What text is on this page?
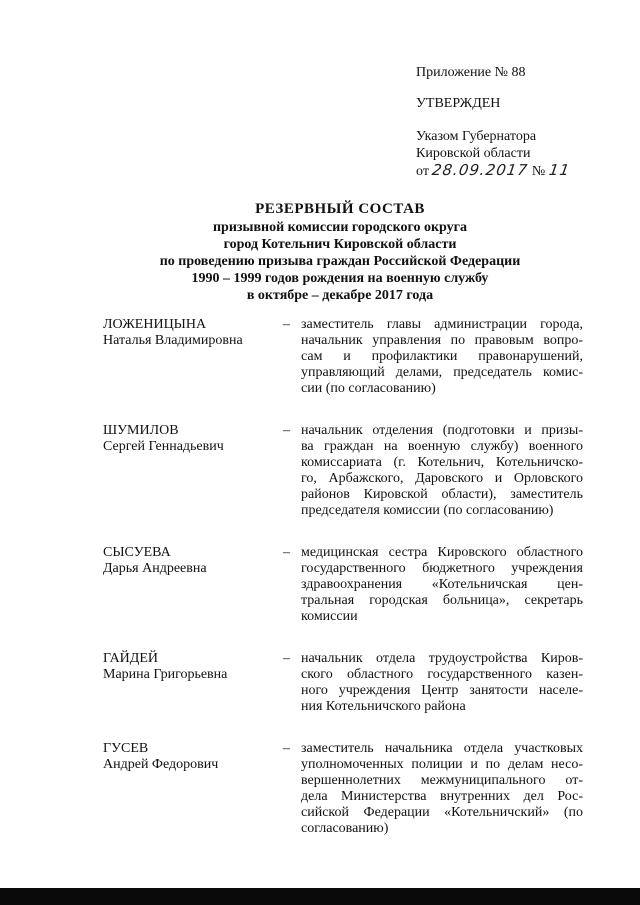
Приложение № 88
УТВЕРЖДЕН
Указом Губернатора
Кировской области
от 28.09.2017 № 11
РЕЗЕРВНЫЙ СОСТАВ
призывной комиссии городского округа
город Котельнич Кировской области
по проведению призыва граждан Российской Федерации
1990 – 1999 годов рождения на военную службу
в октябре – декабре 2017 года
ЛОЖЕНИЦЫНА
Наталья Владимировна
– заместитель главы администрации города,
начальник управления по правовым вопро-
сам и профилактики правонарушений,
управляющий делами, председатель комис-
сии (по согласованию)
ШУМИЛОВ
Сергей Геннадьевич
– начальник отделения (подготовки и призы-
ва граждан на военную службу) военного
комиссариата (г. Котельнич, Котельничско-
го, Арбажского, Даровского и Орловского
районов Кировской области), заместитель
председателя комиссии (по согласованию)
СЫСУЕВА
Дарья Андреевна
– медицинская сестра Кировского областного
государственного бюджетного учреждения
здравоохранения «Котельничская цен-
тральная городская больница», секретарь
комиссии
ГАЙДЕЙ
Марина Григорьевна
– начальник отдела трудоустройства Киров-
ского областного государственного казен-
ного учреждения Центр занятости населе-
ния Котельничского района
ГУСЕВ
Андрей Федорович
– заместитель начальника отдела участковых
уполномоченных полиции и по делам несо-
вершеннолетних межмуниципального от-
дела Министерства внутренних дел Рос-
сийской Федерации «Котельничский» (по
согласованию)
